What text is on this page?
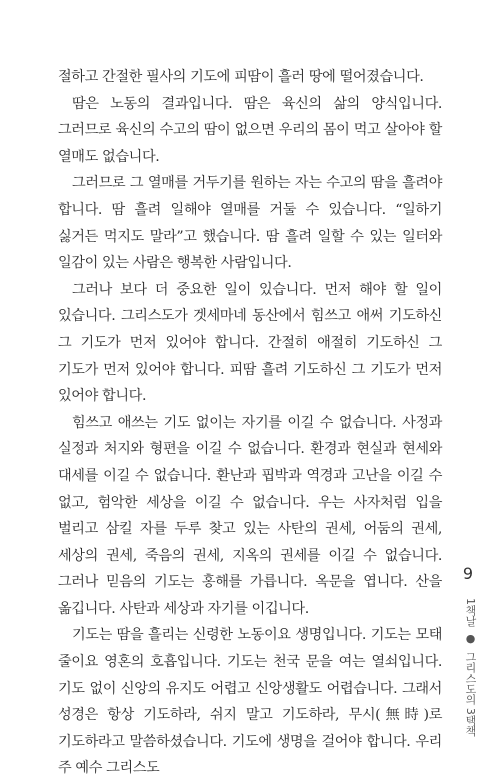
절하고 간절한 필사의 기도에 피땀이 흘러 땅에 떨어졌습니다.

땀은 노동의 결과입니다. 땀은 육신의 삶의 양식입니다. 그러므로 육신의 수고의 땀이 없으면 우리의 몸이 먹고 살아야 할 열매도 없습니다.

그러므로 그 열매를 거두기를 원하는 자는 수고의 땀을 흘려야 합니다. 땀 흘려 일해야 열매를 거둘 수 있습니다. “일하기 싫거든 먹지도 말라”고 했습니다. 땀 흘려 일할 수 있는 일터와 일감이 있는 사람은 행복한 사람입니다.

그러나 보다 더 중요한 일이 있습니다. 먼저 해야 할 일이 있습니다. 그리스도가 겟세마네 동산에서 힘쓰고 애써 기도하신 그 기도가 먼저 있어야 합니다. 간절히 애절히 기도하신 그 기도가 먼저 있어야 합니다. 피땀 흘려 기도하신 그 기도가 먼저 있어야 합니다.

힘쓰고 애쓰는 기도 없이는 자기를 이길 수 없습니다. 사정과 실정과 처지와 형편을 이길 수 없습니다. 환경과 현실과 현세와 대세를 이길 수 없습니다. 환난과 핍박과 역경과 고난을 이길 수 없고, 험악한 세상을 이길 수 없습니다. 우는 사자처럼 입을 벌리고 삼킬 자를 두루 찾고 있는 사탄의 권세, 어둠의 권세, 세상의 권세, 죽음의 권세, 지옥의 권세를 이길 수 없습니다. 그러나 믿음의 기도는 홍해를 가릅니다. 옥문을 엽니다. 산을 옮깁니다. 사탄과 세상과 자기를 이깁니다.

기도는 땀을 흘리는 신령한 노동이요 생명입니다. 기도는 모태 줄이요 영혼의 호흡입니다. 기도는 천국 문을 여는 열쇠입니다. 기도 없이 신앙의 유지도 어렵고 신앙생활도 어렵습니다. 그래서 성경은 항상 기도하라, 쉬지 말고 기도하라, 무시(無時)로 기도하라고 말씀하셨습니다. 기도에 생명을 걸어야 합니다. 우리 주 예수 그리스도

9
1책날 ● 그리스도의 3택책
